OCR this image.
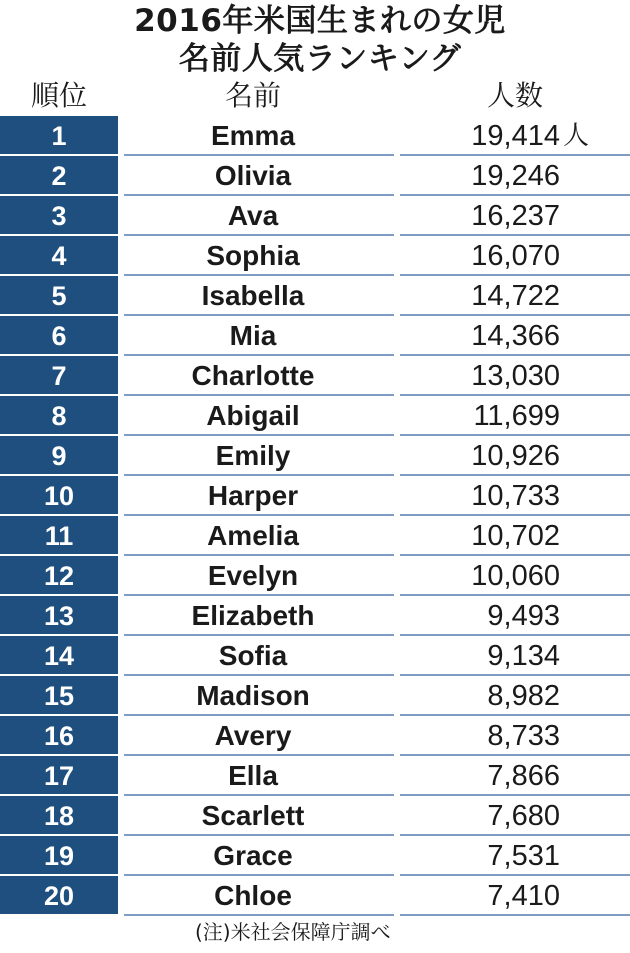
2016年米国生まれの女児
名前人気ランキング
順位	名前	人数
1	Emma	19,414 人
2	Olivia	19,246
3	Ava	16,237
4	Sophia	16,070
5	Isabella	14,722
6	Mia	14,366
7	Charlotte	13,030
8	Abigail	11,699
9	Emily	10,926
10	Harper	10,733
11	Amelia	10,702
12	Evelyn	10,060
13	Elizabeth	9,493
14	Sofia	9,134
15	Madison	8,982
16	Avery	8,733
17	Ella	7,866
18	Scarlett	7,680
19	Grace	7,531
20	Chloe	7,410
(注)米社会保障庁調べ
